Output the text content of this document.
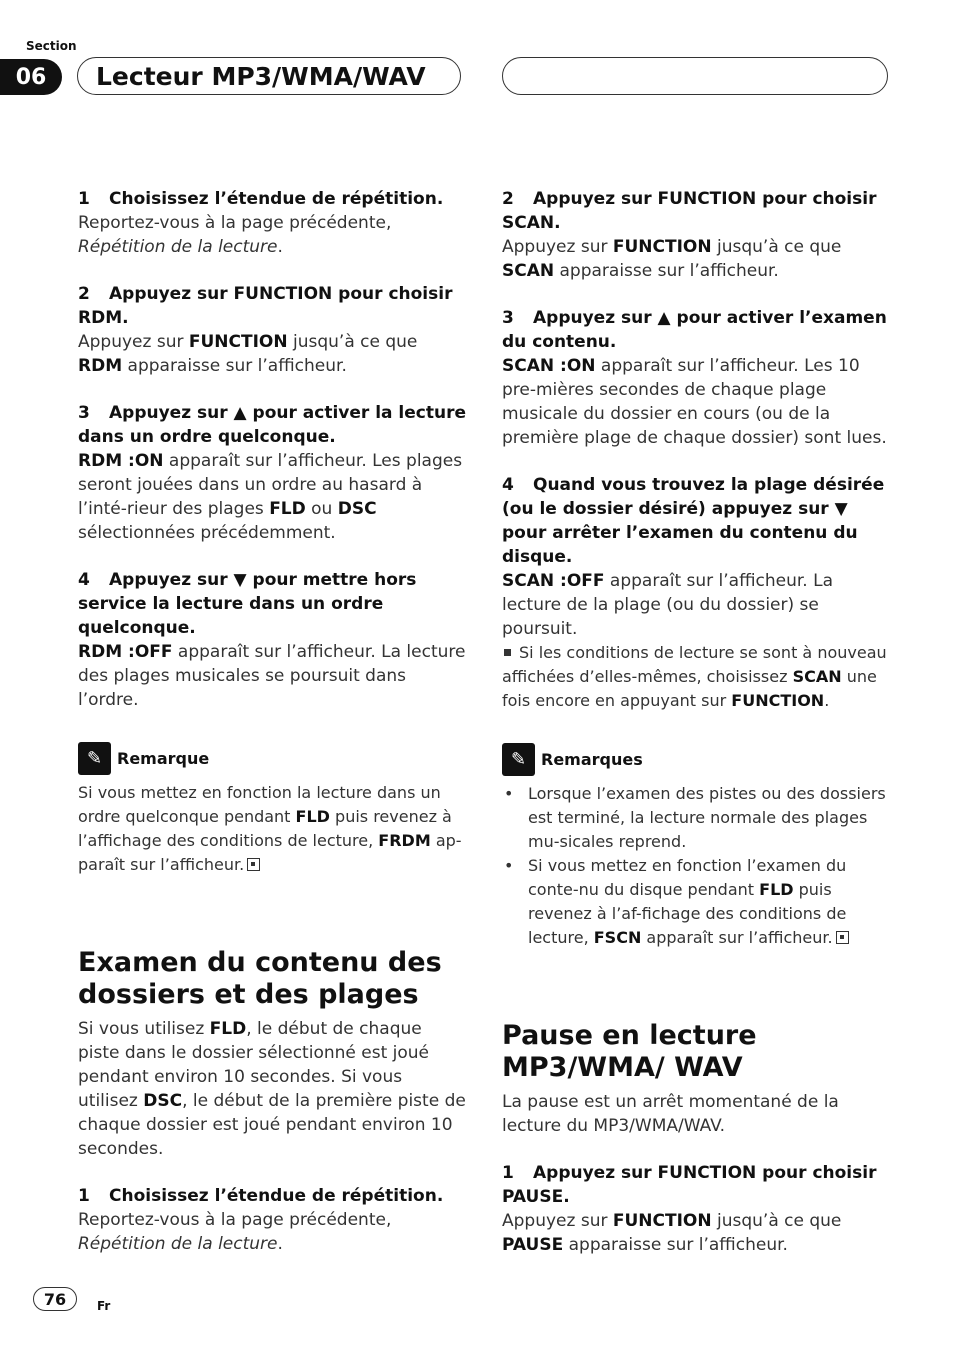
Section
06	Lecteur MP3/WMA/WAV

1 Choisissez l’étendue de répétition.

Reportez-vous à la page précédente, Répétition de la lecture.

2 Appuyez sur FUNCTION pour choisir RDM.

Appuyez sur FUNCTION jusqu’à ce que RDM apparaisse sur l’afficheur.

3 Appuyez sur ▲ pour activer la lecture dans un ordre quelconque.

RDM :ON apparaît sur l’afficheur. Les plages seront jouées dans un ordre au hasard à l’inté-rieur des plages FLD ou DSC sélectionnées précédemment.

4 Appuyez sur ▼ pour mettre hors service la lecture dans un ordre quelconque.

RDM :OFF apparaît sur l’afficheur. La lecture des plages musicales se poursuit dans l’ordre.

✎ Remarque

Si vous mettez en fonction la lecture dans un ordre quelconque pendant FLD puis revenez à l’affichage des conditions de lecture, FRDM ap-paraît sur l’afficheur.

Examen du contenu des dossiers et des plages

Si vous utilisez FLD, le début de chaque piste dans le dossier sélectionné est joué pendant environ 10 secondes. Si vous utilisez DSC, le début de la première piste de chaque dossier est joué pendant environ 10 secondes.

1 Choisissez l’étendue de répétition.

Reportez-vous à la page précédente, Répétition de la lecture.

2 Appuyez sur FUNCTION pour choisir SCAN.

Appuyez sur FUNCTION jusqu’à ce que SCAN apparaisse sur l’afficheur.

3 Appuyez sur ▲ pour activer l’examen du contenu.

SCAN :ON apparaît sur l’afficheur. Les 10 pre-mières secondes de chaque plage musicale du dossier en cours (ou de la première plage de chaque dossier) sont lues.

4 Quand vous trouvez la plage désirée (ou le dossier désiré) appuyez sur ▼ pour arrêter l’examen du contenu du disque.

SCAN :OFF apparaît sur l’afficheur. La lecture de la plage (ou du dossier) se poursuit.

Si les conditions de lecture se sont à nouveau affichées d’elles-mêmes, choisissez SCAN une fois encore en appuyant sur FUNCTION.

✎ Remarques
• Lorsque l’examen des pistes ou des dossiers est terminé, la lecture normale des plages mu-sicales reprend.
• Si vous mettez en fonction l’examen du conte-nu du disque pendant FLD puis revenez à l’af-fichage des conditions de lecture, FSCN apparaît sur l’afficheur.
Pause en lecture MP3/WMA/ WAV

La pause est un arrêt momentané de la lecture du MP3/WMA/WAV.

1 Appuyez sur FUNCTION pour choisir PAUSE.

Appuyez sur FUNCTION jusqu’à ce que PAUSE apparaisse sur l’afficheur.

76	Fr
